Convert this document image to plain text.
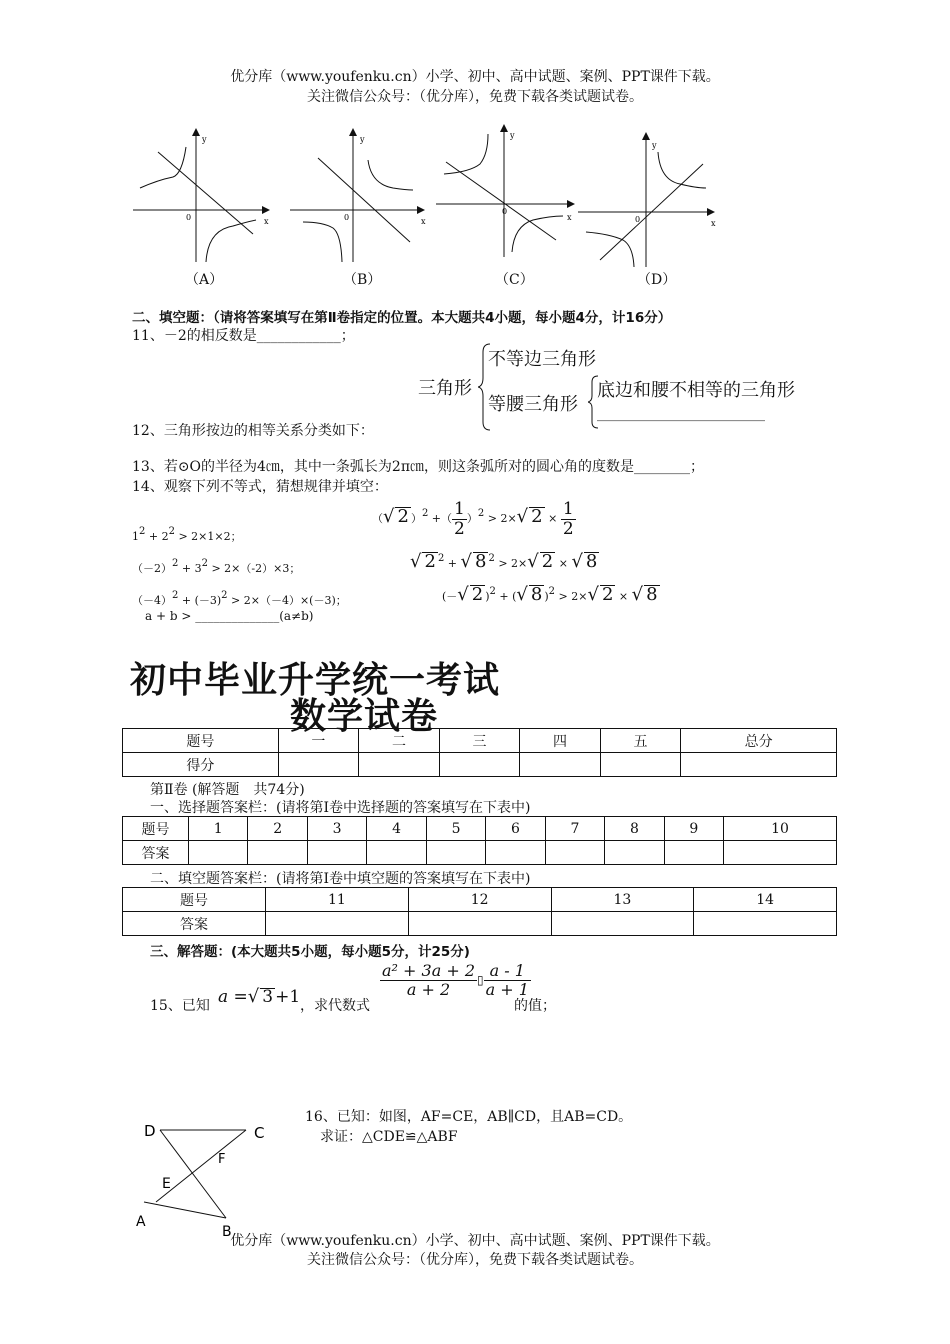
优分库（www.youfenku.cn）小学、初中、高中试题、案例、PPT课件下载。
关注微信公众号：（优分库），免费下载各类试题试卷。
y
x
0
y
x
0
y
x
0
y
x
0
（A）	（B）	（C）	（D）
二、填空题：（请将答案填写在第Ⅱ卷指定的位置。本大题共4小题，每小题4分，计16分）
11、－2的相反数是____________；
三角形
不等边三角形
等腰三角形
底边和腰不相等的三角形
________________________
12、三角形按边的相等关系分类如下：
13、若⊙O的半径为4㎝，其中一条弧长为2π㎝，则这条弧所对的圆心角的度数是________；
14、观察下列不等式，猜想规律并填空：
$1^2 + 2^2 > 2\times 1\times 2$；
$(-2)^2 + 3^2 > 2\times(-2)\times 3$；
$(-4)^2 + (-3)^2 > 2\times(-4)\times(-3)$；
a + b > ______________(a≠b)
（√ 2 ）$^2$ +（ $\frac{1}{2} )^2 > 2\times√$ $2 \times \frac{1}{2}$
√ 2 $^2$ + √ 8 $^2$ > 2×√ 2 × √ 8
(－√ 2 )$^2$ + (√ 8 )$^2$ > 2×√ 2 × √ 8
初中毕业升学统一考试
数学试卷
题号	一	二	三	四	五	总分
得分						
第Ⅱ卷 (解答题　共74分)
一、选择题答案栏：(请将第Ⅰ卷中选择题的答案填写在下表中)
题号	1	2	3	4	5	6	7	8	9	10
答案										
二、填空题答案栏：(请将第Ⅰ卷中填空题的答案填写在下表中)
题号	11	12	13	14
答案				
三、解答题：(本大题共5小题，每小题5分，计25分)
15、已知 a =√ 3 +1 ，求代数式
$\frac{\text{a² + 3a + 2}}{a + 2}$ ▯ $\frac{a - 1}{a + 1}$
的值；
16、已知：如图，AF=CE，AB∥CD，且AB=CD。
求证：△CDE≌△ABF
D	C
F
E
A
B
优分库（www.youfenku.cn）小学、初中、高中试题、案例、PPT课件下载。
关注微信公众号：（优分库），免费下载各类试题试卷。
